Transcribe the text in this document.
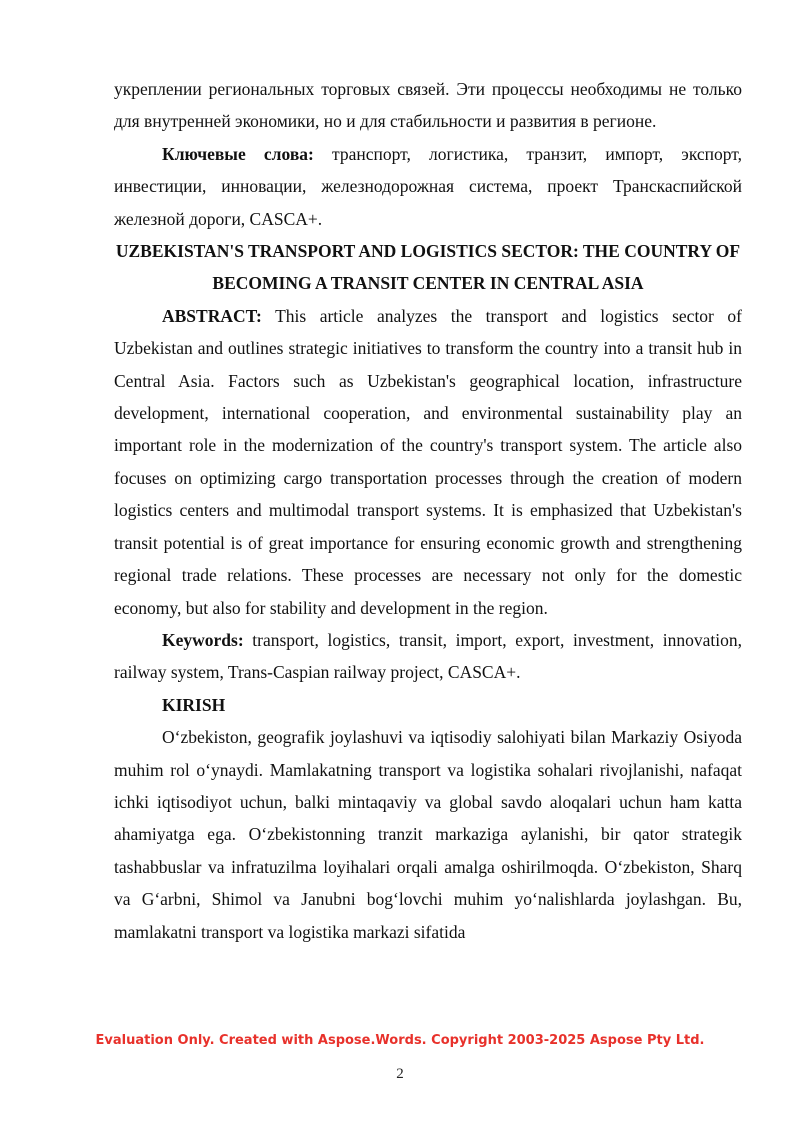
укреплении региональных торговых связей. Эти процессы необходимы не только для внутренней экономики, но и для стабильности и развития в регионе.

Ключевые слова: транспорт, логистика, транзит, импорт, экспорт, инвестиции, инновации, железнодорожная система, проект Транскаспийской железной дороги, CASCA+.

UZBEKISTAN'S TRANSPORT AND LOGISTICS SECTOR: THE COUNTRY OF BECOMING A TRANSIT CENTER IN CENTRAL ASIA

ABSTRACT: This article analyzes the transport and logistics sector of Uzbekistan and outlines strategic initiatives to transform the country into a transit hub in Central Asia. Factors such as Uzbekistan's geographical location, infrastructure development, international cooperation, and environmental sustainability play an important role in the modernization of the country's transport system. The article also focuses on optimizing cargo transportation processes through the creation of modern logistics centers and multimodal transport systems. It is emphasized that Uzbekistan's transit potential is of great importance for ensuring economic growth and strengthening regional trade relations. These processes are necessary not only for the domestic economy, but also for stability and development in the region.

Keywords: transport, logistics, transit, import, export, investment, innovation, railway system, Trans-Caspian railway project, CASCA+.

KIRISH

O‘zbekiston, geografik joylashuvi va iqtisodiy salohiyati bilan Markaziy Osiyoda muhim rol o‘ynaydi. Mamlakatning transport va logistika sohalari rivojlanishi, nafaqat ichki iqtisodiyot uchun, balki mintaqaviy va global savdo aloqalari uchun ham katta ahamiyatga ega. O‘zbekistonning tranzit markaziga aylanishi, bir qator strategik tashabbuslar va infratuzilma loyihalari orqali amalga oshirilmoqda. O‘zbekiston, Sharq va G‘arbni, Shimol va Janubni bog‘lovchi muhim yo‘nalishlarda joylashgan. Bu, mamlakatni transport va logistika markazi sifatida

Evaluation Only. Created with Aspose.Words. Copyright 2003-2025 Aspose Pty Ltd.
2
